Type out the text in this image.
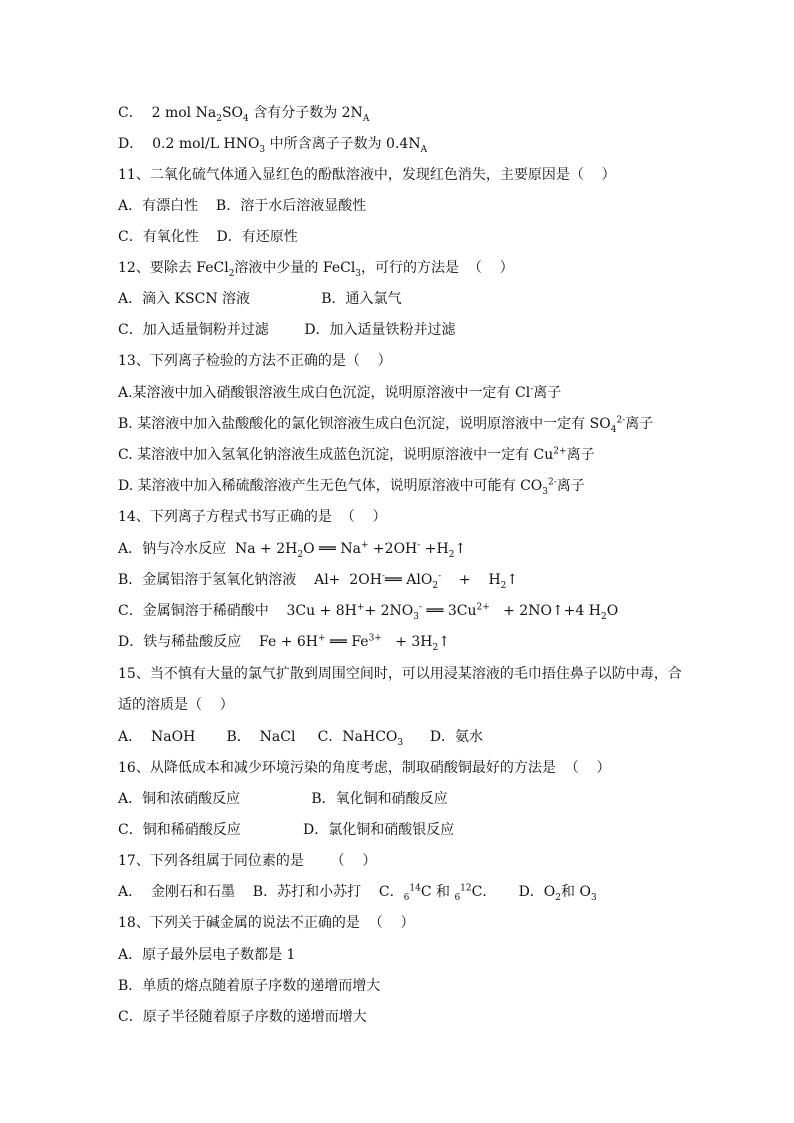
C．  2 mol $Na_2SO_4$ 含有分子数为 $2N_A$
D．  0.2 mol/L $HNO_3$ 中所含离子子数为 $0.4N_A$
11、二氧化硫气体通入显红色的酚酞溶液中，发现红色消失，主要原因是（    ）
A．有漂白性    B．溶于水后溶液显酸性
C．有氧化性    D．有还原性
12、要除去 FeCl$_2$溶液中少量的 FeCl$_3$，可行的方法是  （    ）
A．滴入 KSCN 溶液                B．通入氯气
C．加入适量铜粉并过滤        D．加入适量铁粉并过滤
13、下列离子检验的方法不正确的是（    ）
A.某溶液中加入硝酸银溶液生成白色沉淀，说明原溶液中一定有 Cl-离子
B. 某溶液中加入盐酸酸化的氯化钡溶液生成白色沉淀，说明原溶液中一定有 $SO_4^{2-}$离子
C. 某溶液中加入氢氧化钠溶液生成蓝色沉淀，说明原溶液中一定有 $Cu^{2+}$离子
D. 某溶液中加入稀硫酸溶液产生无色气体，说明原溶液中可能有 $CO_3^{2-}$离子
14、下列离子方程式书写正确的是  （    ）
A．钠与冷水反应  $Na + 2H_2O$ ══ $Na^+ +2OH^- +H_2↑$
B．金属铝溶于氢氧化钠溶液    Al+  2OH-══ AlO$_2$-    +    $H_2↑$
C．金属铜溶于稀硝酸中    $3Cu + 8H^++ 2NO_3^-$ ══ $3Cu^{2+}$   + 2NO↑+4 $H_2O$
D．铁与稀盐酸反应    Fe + 6H+ ══ $Fe^{3+}$   + $3H_2↑$
15、当不慎有大量的氯气扩散到周围空间时，可以用浸某溶液的毛巾捂住鼻子以防中毒，合
适的溶质是（    ）
A．  NaOH       B．  NaCl     C．NaHCO$_3$      D．氨水
16、从降低成本和减少环境污染的角度考虑，制取硝酸铜最好的方法是  （    ）
A．铜和浓硝酸反应                B．氧化铜和硝酸反应
C．铜和稀硝酸反应              D．氯化铜和硝酸银反应
17、下列各组属于同位素的是      （    ）
A．  金刚石和石墨    B．苏打和小苏打    C．$_6^{14}$C 和 $_6^{12}$C．     D．$O_2$和 $O_3$
18、下列关于碱金属的说法不正确的是  （    ）
A．原子最外层电子数都是 1
B．单质的熔点随着原子序数的递增而增大
C．原子半径随着原子序数的递增而增大
